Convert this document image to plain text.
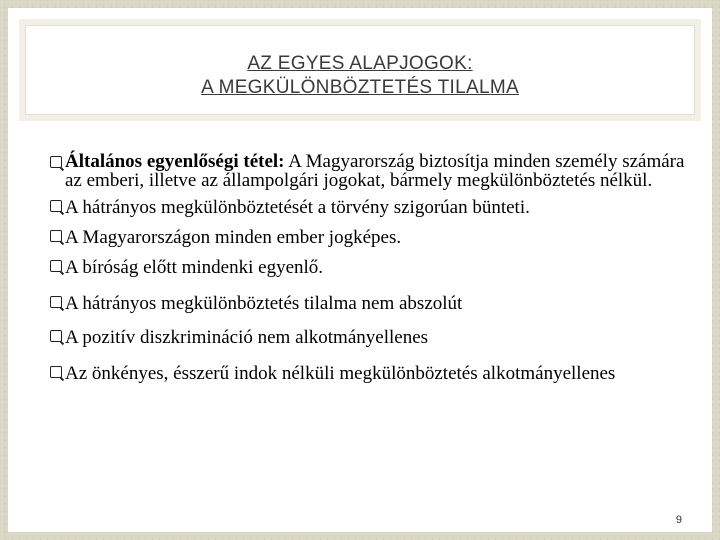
AZ EGYES ALAPJOGOK:
A MEGKÜLÖNBÖZTETÉS TILALMA
Általános egyenlőségi tétel: A Magyarország biztosítja minden személy számára az emberi, illetve az állampolgári jogokat, bármely megkülönböztetés nélkül.
A hátrányos megkülönböztetését a törvény szigorúan bünteti.
A Magyarországon minden ember jogképes.
A bíróság előtt mindenki egyenlő.
A hátrányos megkülönböztetés tilalma nem abszolút
A pozitív diszkrimináció nem alkotmányellenes
Az önkényes, ésszerű indok nélküli megkülönböztetés alkotmányellenes
9
